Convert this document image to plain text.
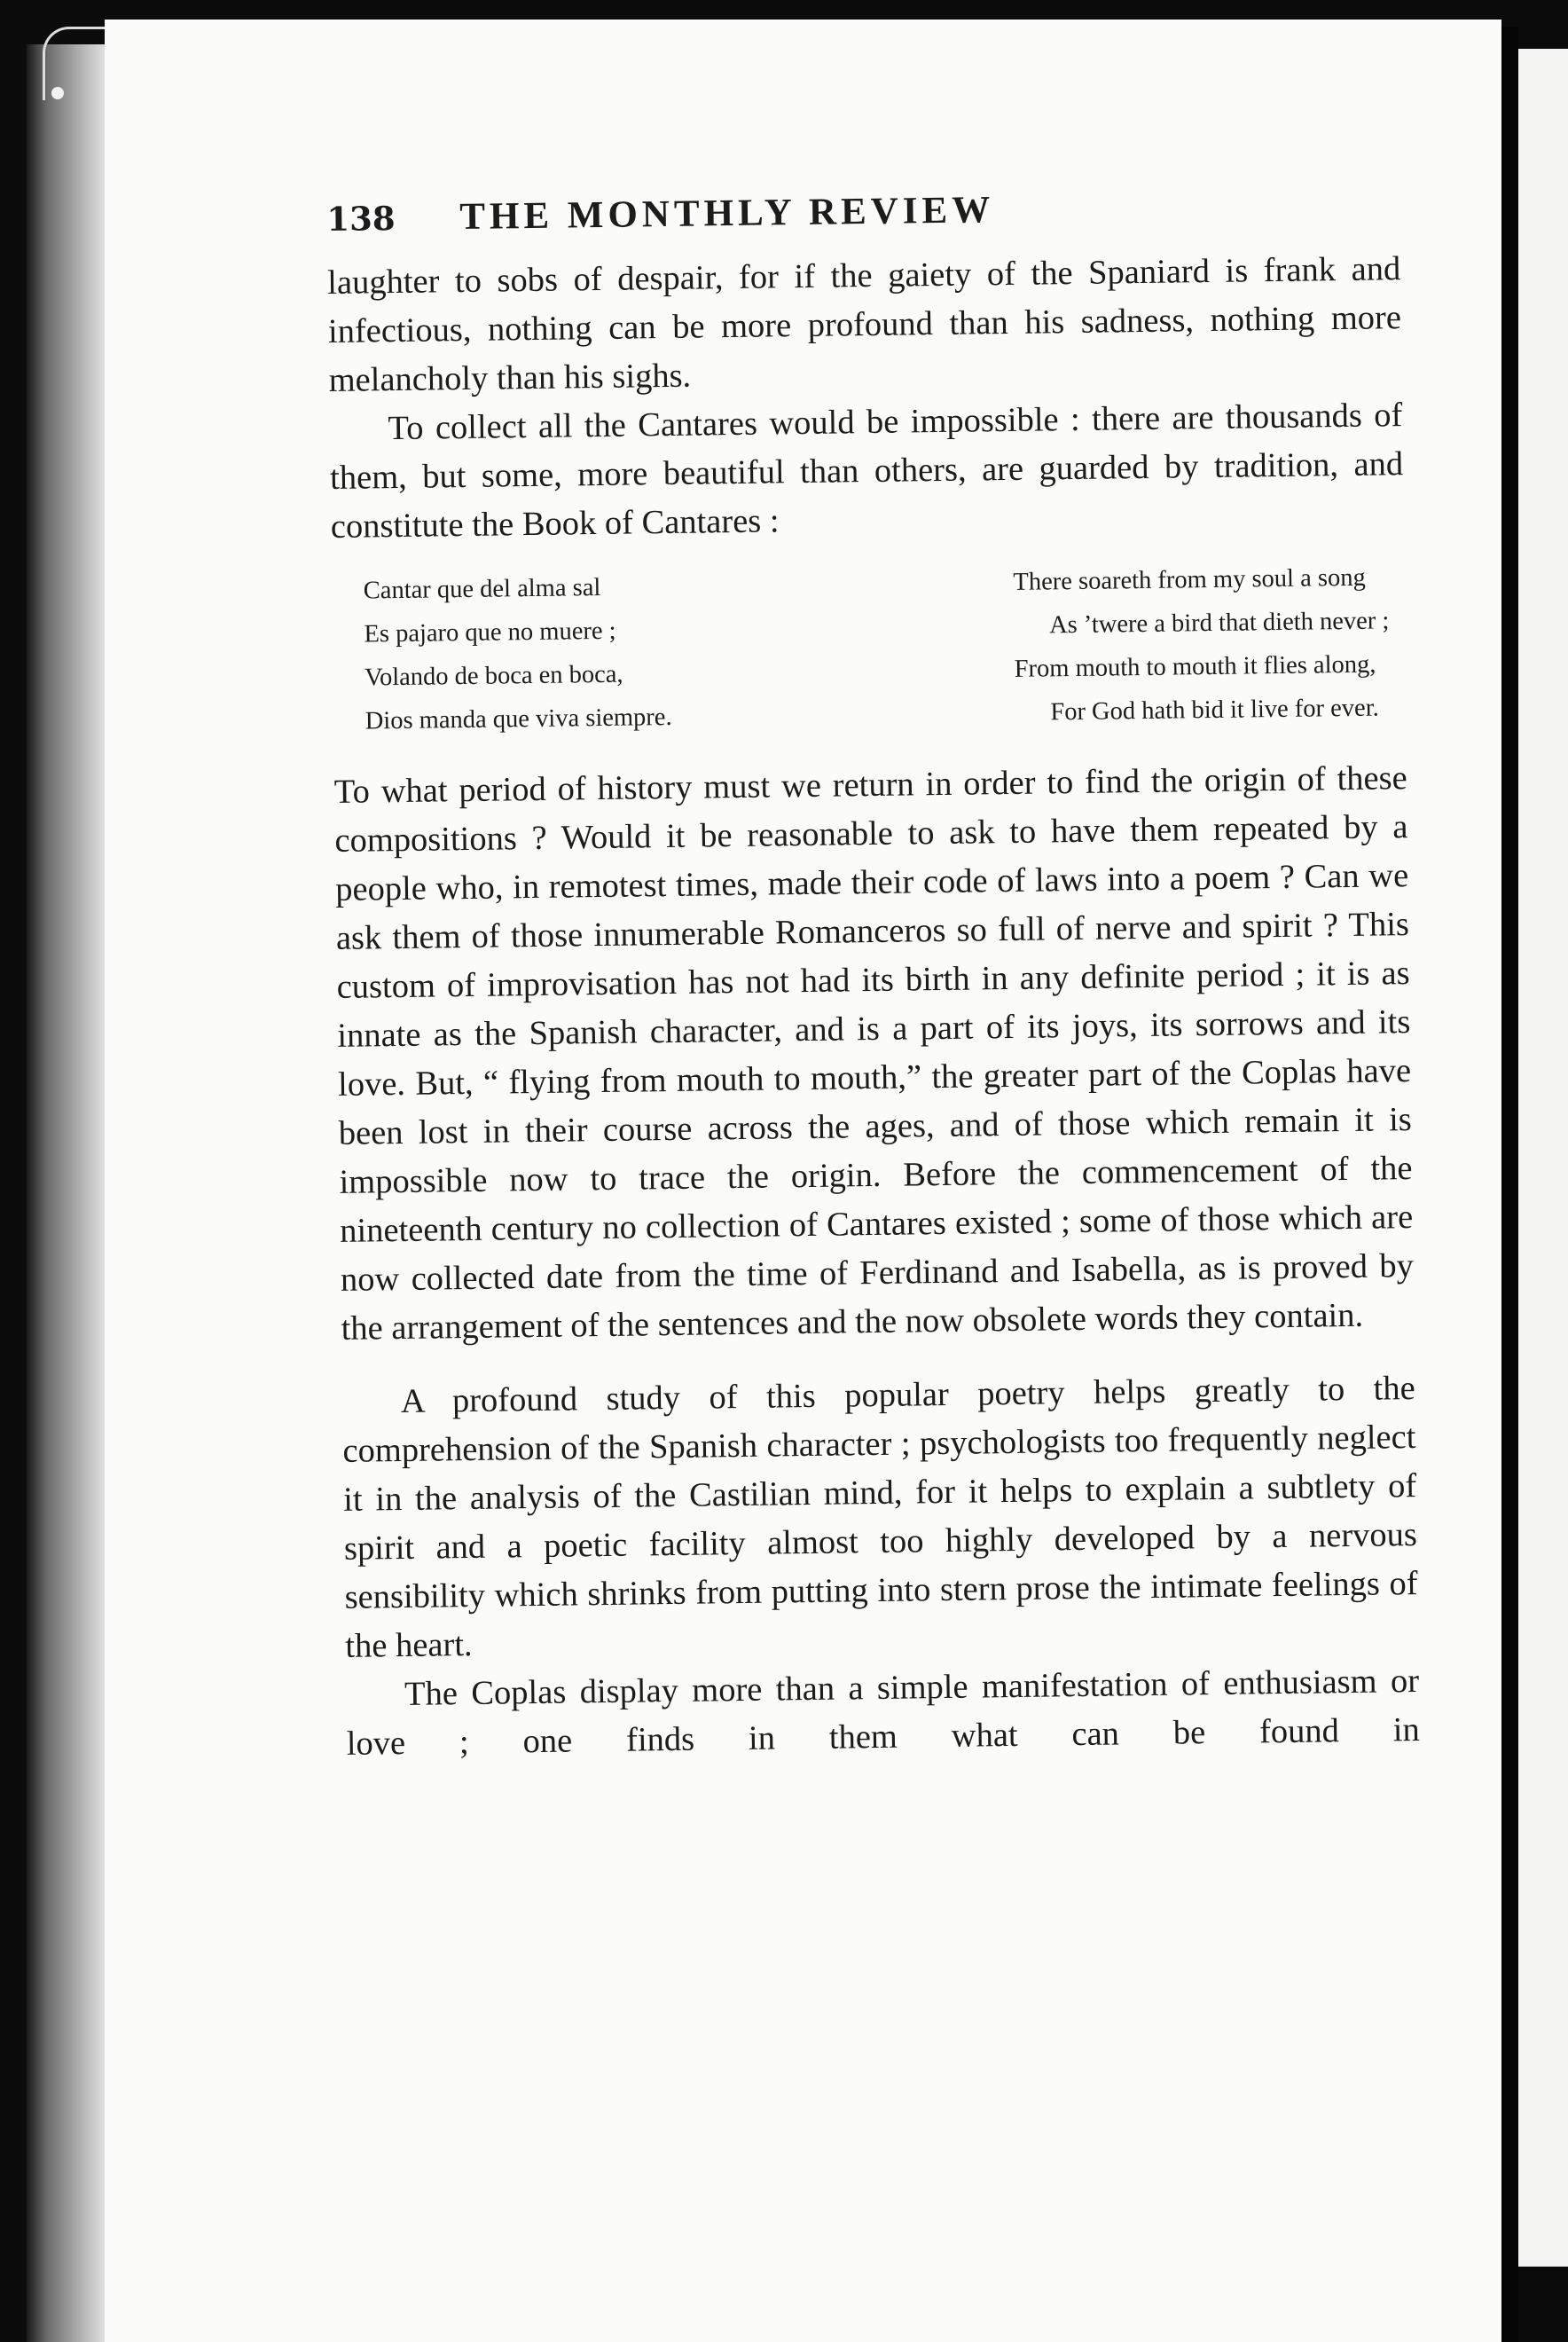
138	THE MONTHLY REVIEW

laughter to sobs of despair, for if the gaiety of the Spaniard is frank and infectious, nothing can be more profound than his sadness, nothing more melancholy than his sighs.

To collect all the Cantares would be impossible : there are thousands of them, but some, more beautiful than others, are guarded by tradition, and constitute the Book of Cantares :

Cantar que del alma sal
Es pajaro que no muere ;
Volando de boca en boca,
Dios manda que viva siempre.
There soareth from my soul a song
As ’twere a bird that dieth never ;
From mouth to mouth it flies along,
For God hath bid it live for ever.

To what period of history must we return in order to find the origin of these compositions ? Would it be reasonable to ask to have them repeated by a people who, in remotest times, made their code of laws into a poem ? Can we ask them of those innumerable Romanceros so full of nerve and spirit ? This custom of improvisation has not had its birth in any definite period ; it is as innate as the Spanish character, and is a part of its joys, its sorrows and its love. But, “ flying from mouth to mouth,” the greater part of the Coplas have been lost in their course across the ages, and of those which remain it is impossible now to trace the origin. Before the commencement of the nineteenth century no collection of Cantares existed ; some of those which are now collected date from the time of Ferdinand and Isabella, as is proved by the arrangement of the sentences and the now obsolete words they contain.

A profound study of this popular poetry helps greatly to the comprehension of the Spanish character ; psychologists too frequently neglect it in the analysis of the Castilian mind, for it helps to explain a subtlety of spirit and a poetic facility almost too highly developed by a nervous sensibility which shrinks from putting into stern prose the intimate feelings of the heart.

The Coplas display more than a simple manifestation of enthusiasm or love ; one finds in them what can be found in
